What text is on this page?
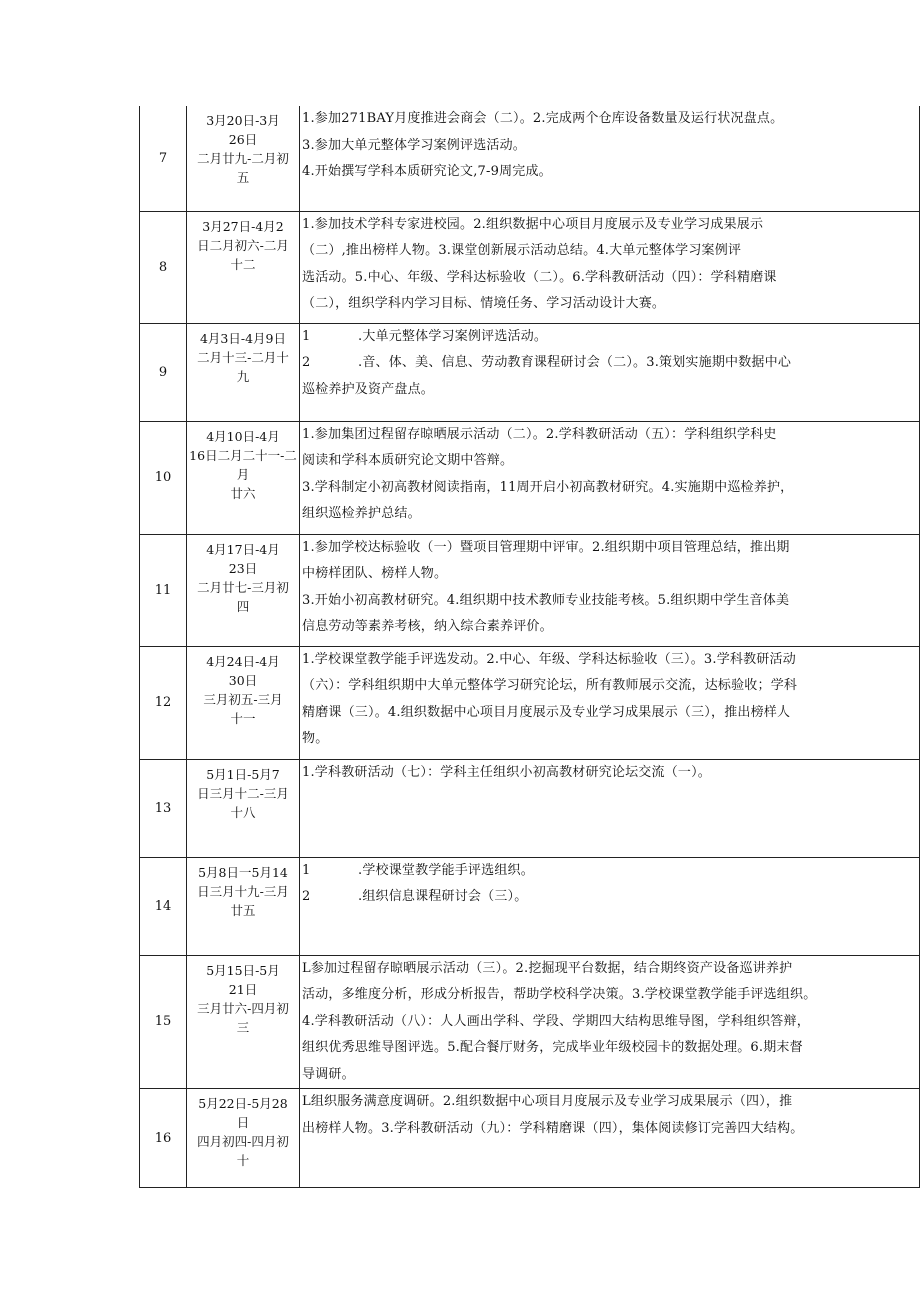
7	3月20日-3月
26日
二月廿九-二月初
五	1.参加271BAY月度推进会商会（二）。2.完成两个仓库设备数量及运行状况盘点。
3.参加大单元整体学习案例评选活动。
4.开始撰写学科本质研究论文,7-9周完成。

8	3月27日-4月2
日二月初六-二月
十二	1.参加技术学科专家进校园。2.组织数据中心项目月度展示及专业学习成果展示
（二）,推出榜样人物。3.课堂创新展示活动总结。4.大单元整体学习案例评
选活动。5.中心、年级、学科达标验收（二）。6.学科教研活动（四）：学科精磨课
（二），组织学科内学习目标、情境任务、学习活动设计大赛。

9	4月3日-4月9日
二月十三-二月十
九	1 .大单元整体学习案例评选活动。
2 .音、体、美、信息、劳动教育课程研讨会（二）。3.策划实施期中数据中心
巡检养护及资产盘点。

10	4月10日-4月
16日二月二十一-二
月
廿六	1.参加集团过程留存晾晒展示活动（二）。2.学科教研活动（五）：学科组织学科史
阅读和学科本质研究论文期中答辩。
3.学科制定小初高教材阅读指南，11周开启小初高教材研究。4.实施期中巡检养护，
组织巡检养护总结。

11	4月17日-4月
23日
二月廿七-三月初
四	1.参加学校达标验收（一）暨项目管理期中评审。2.组织期中项目管理总结，推出期
中榜样团队、榜样人物。
3.开始小初高教材研究。4.组织期中技术教师专业技能考核。5.组织期中学生音体美
信息劳动等素养考核，纳入综合素养评价。

12	4月24日-4月
30日
三月初五-三月
十一	1.学校课堂教学能手评选发动。2.中心、年级、学科达标验收（三）。3.学科教研活动
（六）：学科组织期中大单元整体学习研究论坛，所有教师展示交流，达标验收；学科
精磨课（三）。4.组织数据中心项目月度展示及专业学习成果展示（三），推出榜样人
物。

13	5月1日-5月7
日三月十二-三月
十八	1.学科教研活动（七）：学科主任组织小初高教材研究论坛交流（一）。

14	5月8日一5月14
日三月十九-三月
廿五	1 .学校课堂教学能手评选组织。
2 .组织信息课程研讨会（三）。

15	5月15日-5月
21日
三月廿六-四月初
三	L参加过程留存晾晒展示活动（三）。2.挖掘现平台数据，结合期终资产设备巡讲养护
活动，多维度分析，形成分析报告，帮助学校科学决策。3.学校课堂教学能手评选组织。
4.学科教研活动（八）：人人画出学科、学段、学期四大结构思维导图，学科组织答辩，
组织优秀思维导图评选。5.配合餐厅财务，完成毕业年级校园卡的数据处理。6.期末督
导调研。

16	5月22日-5月28
日
四月初四-四月初
十	L组织服务满意度调研。2.组织数据中心项目月度展示及专业学习成果展示（四），推
出榜样人物。3.学科教研活动（九）：学科精磨课（四），集体阅读修订完善四大结构。
